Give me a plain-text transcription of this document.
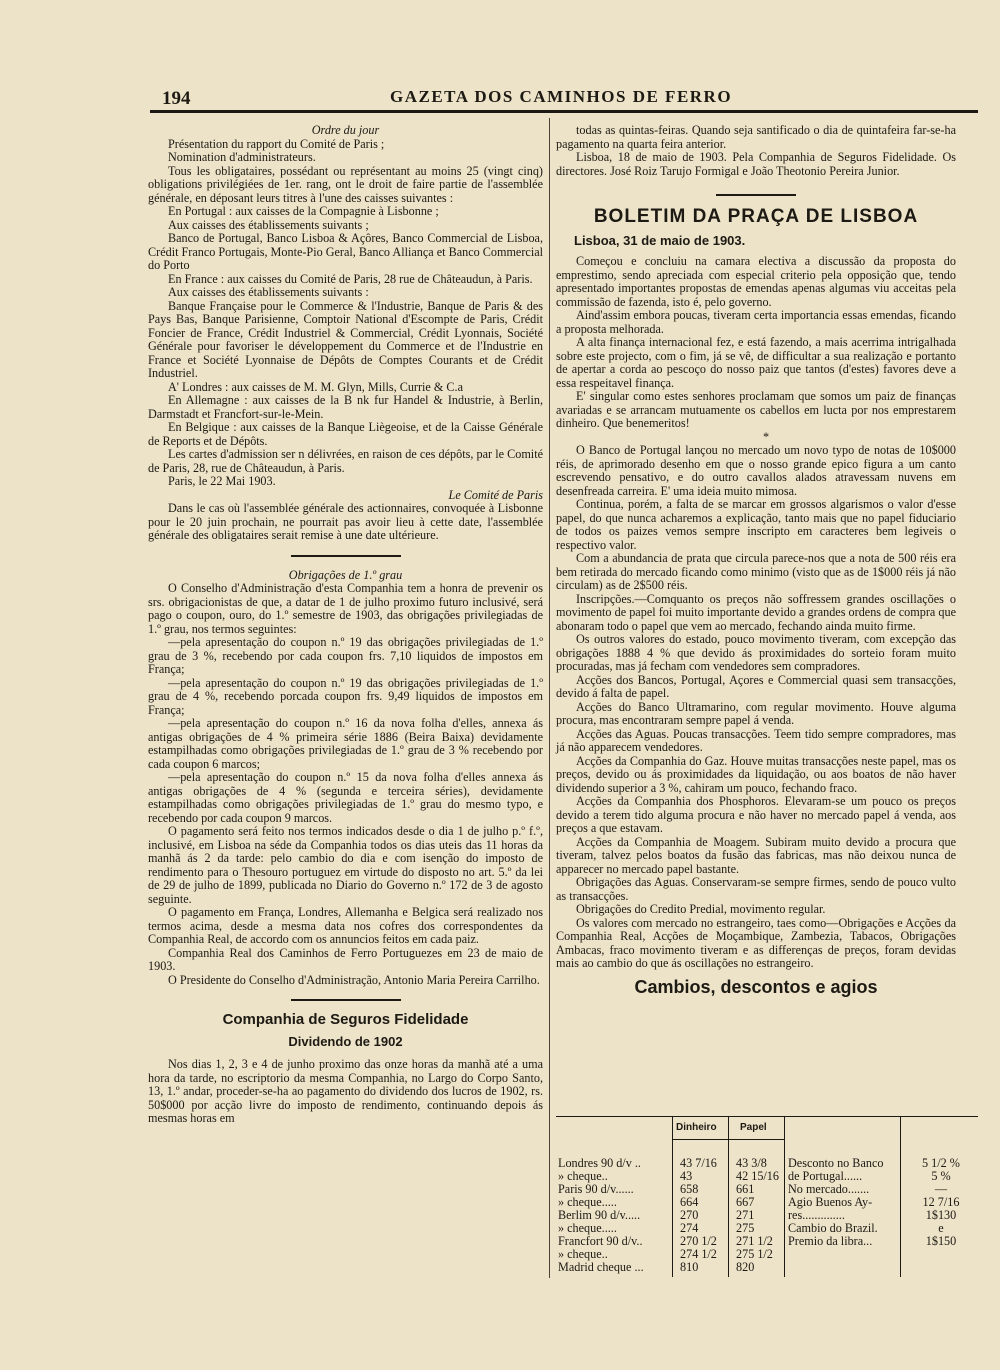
194	GAZETA DOS CAMINHOS DE FERRO

Ordre du jour

Présentation du rapport du Comité de Paris ;

Nomination d'administrateurs.

Tous les obligataires, possédant ou représentant au moins 25 (vingt cinq) obligations privilégiées de 1er. rang, ont le droit de faire partie de l'assemblée générale, en déposant leurs titres à l'une des caisses suivantes :

En Portugal : aux caisses de la Compagnie à Lisbonne ;

Aux caisses des établissements suivants ;

Banco de Portugal, Banco Lisboa & Açôres, Banco Commercial de Lisboa, Crédit Franco Portugais, Monte-Pio Geral, Banco Alliança et Banco Commercial do Porto

En France : aux caisses du Comité de Paris, 28 rue de Châteaudun, à Paris.

Aux caisses des établissements suivants :

Banque Française pour le Commerce & l'Industrie, Banque de Paris & des Pays Bas, Banque Parisienne, Comptoir National d'Escompte de Paris, Crédit Foncier de France, Crédit Industriel & Commercial, Crédit Lyonnais, Société Générale pour favoriser le développement du Commerce et de l'Industrie en France et Société Lyonnaise de Dépôts de Comptes Courants et de Crédit Industriel.

A' Londres : aux caisses de M. M. Glyn, Mills, Currie & C.a

En Allemagne : aux caisses de la B nk fur Handel & Industrie, à Berlin, Darmstadt et Francfort-sur-le-Mein.

En Belgique : aux caisses de la Banque Liègeoise, et de la Caisse Générale de Reports et de Dépôts.

Les cartes d'admission ser n délivrées, en raison de ces dépôts, par le Comité de Paris, 28, rue de Châteaudun, à Paris.

Paris, le 22 Mai 1903.

Le Comité de Paris

Dans le cas où l'assemblée générale des actionnaires, convoquée à Lisbonne pour le 20 juin prochain, ne pourrait pas avoir lieu à cette date, l'assemblée générale des obligataires serait remise à une date ultérieure.

Obrigações de 1.º grau

O Conselho d'Administração d'esta Companhia tem a honra de prevenir os srs. obrigacionistas de que, a datar de 1 de julho proximo futuro inclusivé, será pago o coupon, ouro, do 1.º semestre de 1903, das obrigações privilegiadas de 1.º grau, nos termos seguintes:

—pela apresentação do coupon n.º 19 das obrigações privilegiadas de 1.º grau de 3 %, recebendo por cada coupon frs. 7,10 liquidos de impostos em França;

—pela apresentação do coupon n.º 19 das obrigações privilegiadas de 1.º grau de 4 %, recebendo porcada coupon frs. 9,49 liquidos de impostos em França;

—pela apresentação do coupon n.º 16 da nova folha d'elles, annexa ás antigas obrigações de 4 % primeira série 1886 (Beira Baixa) devidamente estampilhadas como obrigações privilegiadas de 1.º grau de 3 % recebendo por cada coupon 6 marcos;

—pela apresentação do coupon n.º 15 da nova folha d'elles annexa ás antigas obrigações de 4 % (segunda e terceira séries), devidamente estampilhadas como obrigações privilegiadas de 1.º grau do mesmo typo, e recebendo por cada coupon 9 marcos.

O pagamento será feito nos termos indicados desde o dia 1 de julho p.º f.º, inclusivé, em Lisboa na séde da Companhia todos os dias uteis das 11 horas da manhã ás 2 da tarde: pelo cambio do dia e com isenção do imposto de rendimento para o Thesouro portuguez em virtude do disposto no art. 5.º da lei de 29 de julho de 1899, publicada no Diario do Governo n.º 172 de 3 de agosto seguinte.

O pagamento em França, Londres, Allemanha e Belgica será realizado nos termos acima, desde a mesma data nos cofres dos correspondentes da Companhia Real, de accordo com os annuncios feitos em cada paiz.

Companhia Real dos Caminhos de Ferro Portuguezes em 23 de maio de 1903.

O Presidente do Conselho d'Administração, Antonio Maria Pereira Carrilho.

Companhia de Seguros Fidelidade
Dividendo de 1902

Nos dias 1, 2, 3 e 4 de junho proximo das onze horas da manhã até a uma hora da tarde, no escriptorio da mesma Companhia, no Largo do Corpo Santo, 13, 1.º andar, proceder-se-ha ao pagamento do dividendo dos lucros de 1902, rs. 50$000 por acção livre do imposto de rendimento, continuando depois ás mesmas horas em

todas as quintas-feiras. Quando seja santificado o dia de quintafeira far-se-ha pagamento na quarta feira anterior.

Lisboa, 18 de maio de 1903. Pela Companhia de Seguros Fidelidade. Os directores. José Roiz Tarujo Formigal e João Theotonio Pereira Junior.

BOLETIM DA PRAÇA DE LISBOA
Lisboa, 31 de maio de 1903.

Começou e concluiu na camara electiva a discussão da proposta do emprestimo, sendo apreciada com especial criterio pela opposição que, tendo apresentado importantes propostas de emendas apenas algumas viu acceitas pela commissão de fazenda, isto é, pelo governo.

Aind'assim embora poucas, tiveram certa importancia essas emendas, ficando a proposta melhorada.

A alta finança internacional fez, e está fazendo, a mais acerrima intrigalhada sobre este projecto, com o fim, já se vê, de difficultar a sua realização e portanto de apertar a corda ao pescoço do nosso paiz que tantos (d'estes) favores deve a essa respeitavel finança.

E' singular como estes senhores proclamam que somos um paiz de finanças avariadas e se arrancam mutuamente os cabellos em lucta por nos emprestarem dinheiro. Que benemeritos!

*

O Banco de Portugal lançou no mercado um novo typo de notas de 10$000 réis, de aprimorado desenho em que o nosso grande epico figura a um canto escrevendo pensativo, e do outro cavallos alados atravessam nuvens em desenfreada carreira. E' uma ideia muito mimosa.

Continua, porém, a falta de se marcar em grossos algarismos o valor d'esse papel, do que nunca acharemos a explicação, tanto mais que no papel fiduciario de todos os paizes vemos sempre inscripto em caracteres bem legiveis o respectivo valor.

Com a abundancia de prata que circula parece-nos que a nota de 500 réis era bem retirada do mercado ficando como minimo (visto que as de 1$000 réis já não circulam) as de 2$500 réis.

Inscripções.—Comquanto os preços não soffressem grandes oscillações o movimento de papel foi muito importante devido a grandes ordens de compra que abonaram todo o papel que vem ao mercado, fechando ainda muito firme.

Os outros valores do estado, pouco movimento tiveram, com excepção das obrigações 1888 4 % que devido ás proximidades do sorteio foram muito procuradas, mas já fecham com vendedores sem compradores.

Acções dos Bancos, Portugal, Açores e Commercial quasi sem transacções, devido á falta de papel.

Acções do Banco Ultramarino, com regular movimento. Houve alguma procura, mas encontraram sempre papel á venda.

Acções das Aguas. Poucas transacções. Teem tido sempre compradores, mas já não apparecem vendedores.

Acções da Companhia do Gaz. Houve muitas transacções neste papel, mas os preços, devido ou ás proximidades da liquidação, ou aos boatos de não haver dividendo superior a 3 %, cahiram um pouco, fechando fraco.

Acções da Companhia dos Phosphoros. Elevaram-se um pouco os preços devido a terem tido alguma procura e não haver no mercado papel á venda, aos preços a que estavam.

Acções da Companhia de Moagem. Subiram muito devido a procura que tiveram, talvez pelos boatos da fusão das fabricas, mas não deixou nunca de apparecer no mercado papel bastante.

Obrigações das Aguas. Conservaram-se sempre firmes, sendo de pouco vulto as transacções.

Obrigações do Credito Predial, movimento regular.

Os valores com mercado no estrangeiro, taes como—Obrigações e Acções da Companhia Real, Acções de Moçambique, Zambezia, Tabacos, Obrigações Ambacas, fraco movimento tiveram e as differenças de preços, foram devidas mais ao cambio do que ás oscillações no estrangeiro.

Cambios, descontos e agios
Dinheiro Papel
Londres 90 d/v ..
» cheque..
Paris 90 d/v......
» cheque.....
Berlim 90 d/v.....
» cheque.....
Francfort 90 d/v..
» cheque..
Madrid cheque ...
43 7/16
43
658
664
270
274
270 1/2
274 1/2
810
43 3/8
42 15/16
661
667
271
275
271 1/2
275 1/2
820
Desconto no Banco
de Portugal......
No mercado.......
Agio Buenos Ay-
res..............
Cambio do Brazil.
Premio da libra...
5 1/2 %
5 %
—
12 7/16
1$130
e
1$150
